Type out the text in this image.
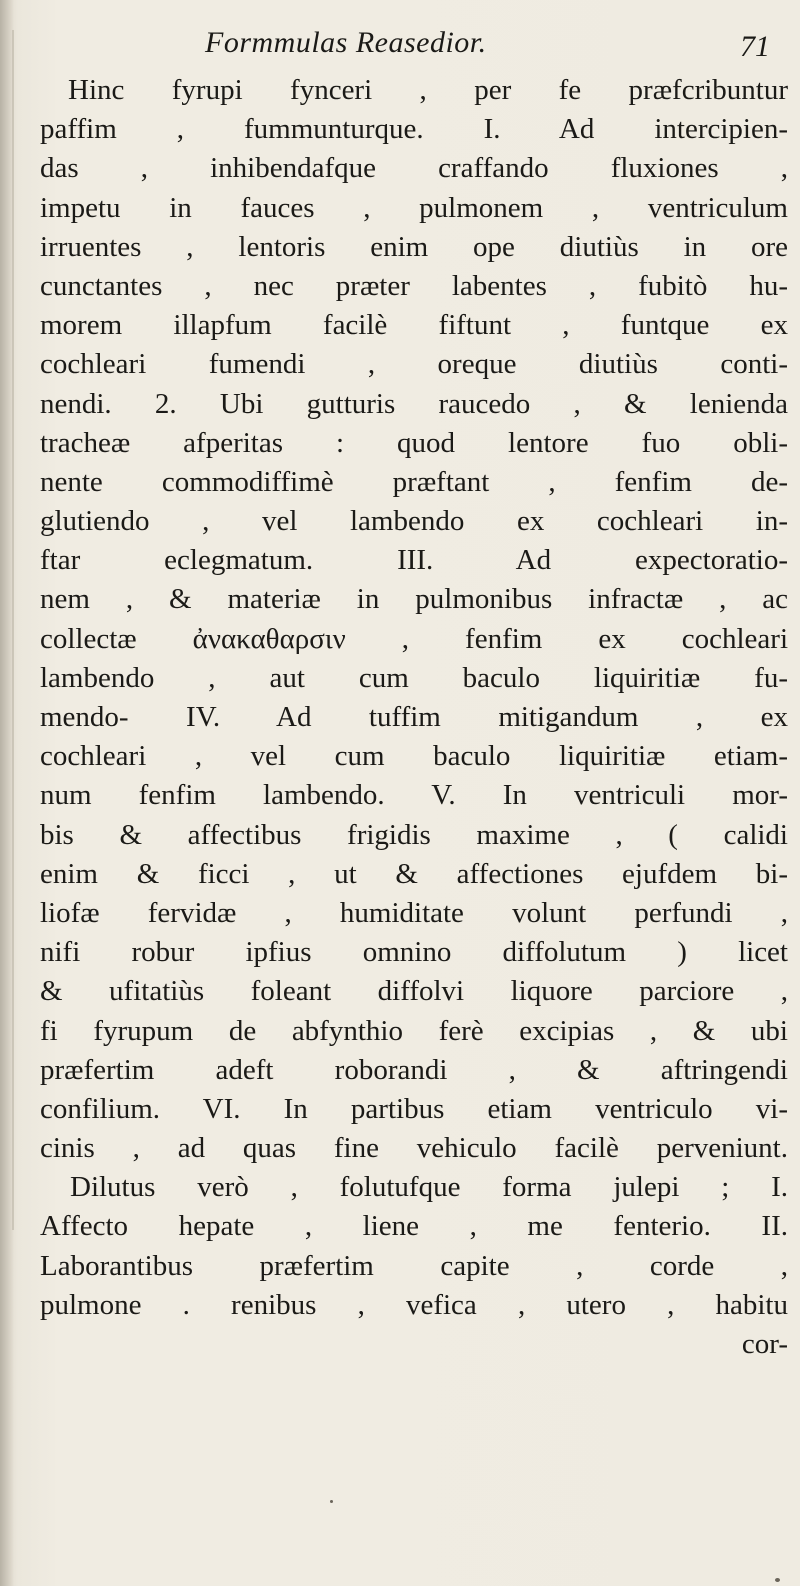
Formmulas Reasedior.	71
Hinc fyrupi fynceri , per fe præfcribuntur
paffim , fummunturque. I. Ad intercipien-
das , inhibendafque craffando fluxiones ,
impetu in fauces , pulmonem , ventriculum
irruentes , lentoris enim ope diutiùs in ore
cunctantes , nec præter labentes , fubitò hu-
morem illapfum facilè fiftunt , funtque ex
cochleari fumendi , oreque diutiùs conti-
nendi. 2. Ubi gutturis raucedo , & lenienda
tracheæ afperitas : quod lentore fuo obli-
nente commodiffimè præftant , fenfim de-
glutiendo , vel lambendo ex cochleari in-
ftar eclegmatum. III. Ad expectoratio-
nem , & materiæ in pulmonibus infractæ , ac
collectæ ἀνακαθαρσιν , fenfim ex cochleari
lambendo , aut cum baculo liquiritiæ fu-
mendo- IV. Ad tuffim mitigandum , ex
cochleari , vel cum baculo liquiritiæ etiam-
num fenfim lambendo. V. In ventriculi mor-
bis & affectibus frigidis maxime , ( calidi
enim & ficci , ut & affectiones ejufdem bi-
liofæ fervidæ , humiditate volunt perfundi ,
nifi robur ipfius omnino diffolutum ) licet
& ufitatiùs foleant diffolvi liquore parciore ,
fi fyrupum de abfynthio ferè excipias , & ubi
præfertim adeft roborandi , & aftringendi
confilium. VI. In partibus etiam ventriculo vi-
cinis , ad quas fine vehiculo facilè perveniunt.
Dilutus verò , folutufque forma julepi ; I.
Affecto hepate , liene , me fenterio. II.
Laborantibus præfertim capite , corde ,
pulmone . renibus , vefica , utero , habitu
cor-
